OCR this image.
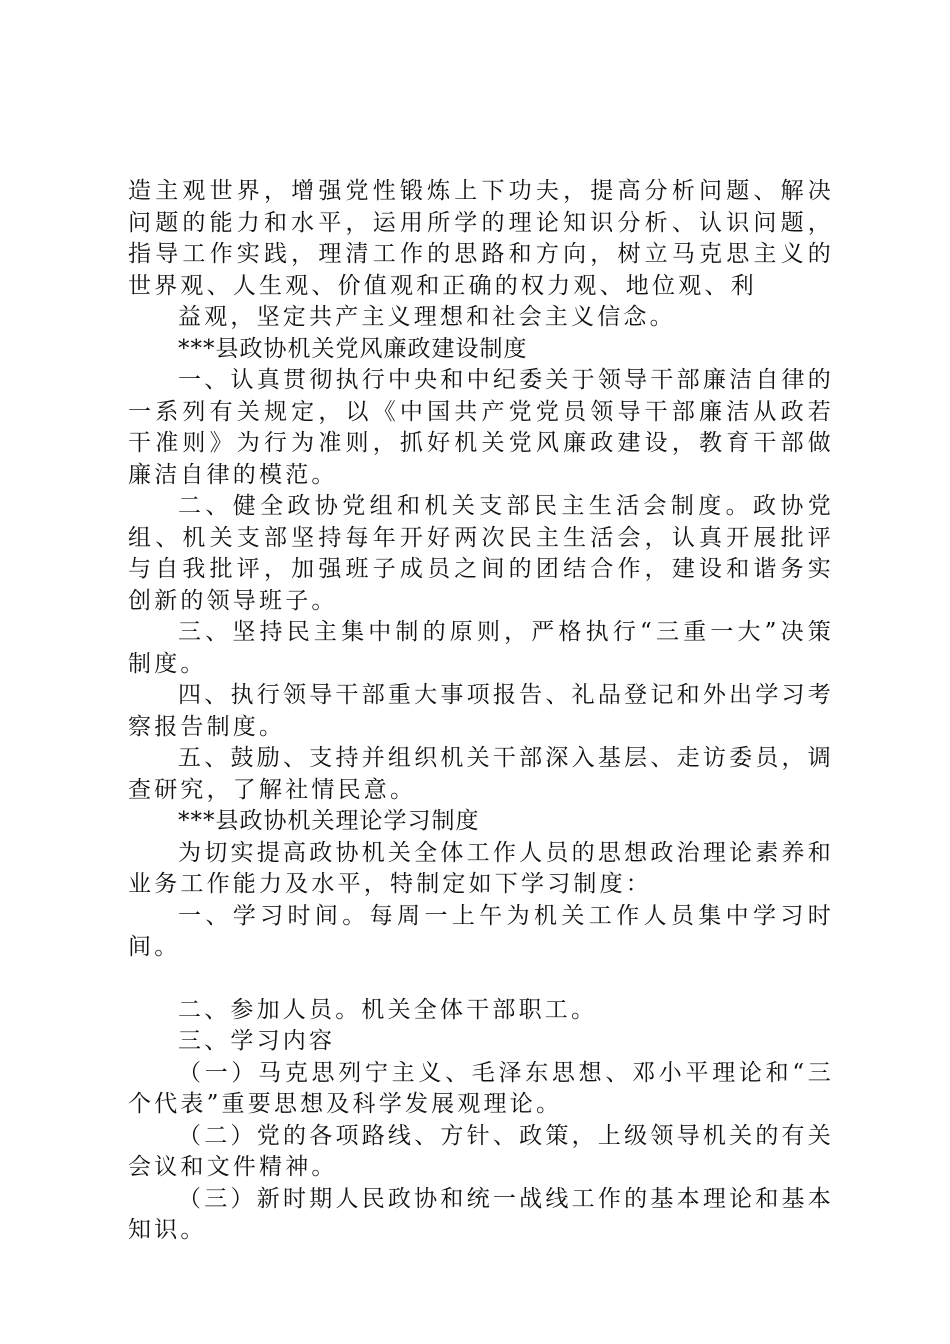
造主观世界，增强党性锻炼上下功夫，提高分析问题、解决问题的能力和水平，运用所学的理论知识分析、认识问题，指导工作实践，理清工作的思路和方向，树立马克思主义的世界观、人生观、价值观和正确的权力观、地位观、利

益观，坚定共产主义理想和社会主义信念。

***县政协机关党风廉政建设制度

一、认真贯彻执行中央和中纪委关于领导干部廉洁自律的一系列有关规定，以《中国共产党党员领导干部廉洁从政若干准则》为行为准则，抓好机关党风廉政建设，教育干部做廉洁自律的模范。

二、健全政协党组和机关支部民主生活会制度。政协党组、机关支部坚持每年开好两次民主生活会，认真开展批评与自我批评，加强班子成员之间的团结合作，建设和谐务实创新的领导班子。

三、坚持民主集中制的原则，严格执行“三重一大”决策制度。

四、执行领导干部重大事项报告、礼品登记和外出学习考察报告制度。

五、鼓励、支持并组织机关干部深入基层、走访委员，调查研究，了解社情民意。

***县政协机关理论学习制度

为切实提高政协机关全体工作人员的思想政治理论素养和业务工作能力及水平，特制定如下学习制度：

一、学习时间。每周一上午为机关工作人员集中学习时间。

二、参加人员。机关全体干部职工。

三、学习内容

（一）马克思列宁主义、毛泽东思想、邓小平理论和“三个代表”重要思想及科学发展观理论。

（二）党的各项路线、方针、政策，上级领导机关的有关会议和文件精神。

（三）新时期人民政协和统一战线工作的基本理论和基本知识。
